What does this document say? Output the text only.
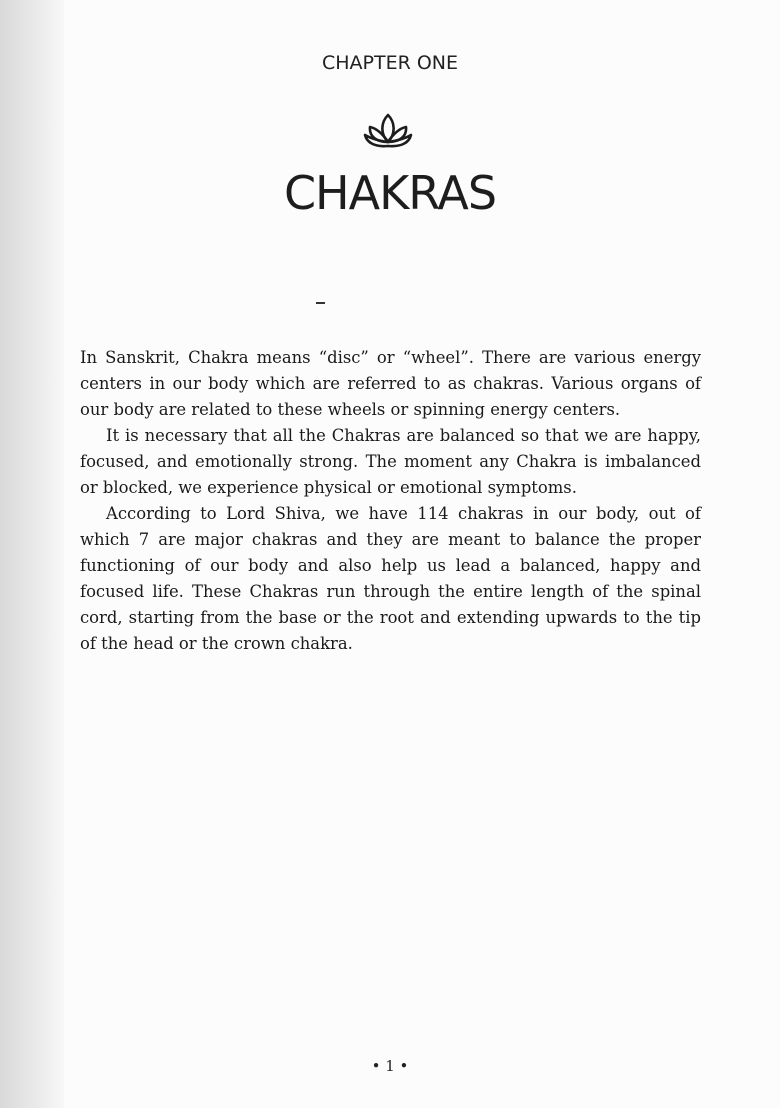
CHAPTER ONE
CHAKRAS

In Sanskrit, Chakra means “disc” or “wheel”. There are various energy centers in our body which are referred to as chakras. Various organs of our body are related to these wheels or spinning energy centers.

It is necessary that all the Chakras are balanced so that we are happy, focused, and emotionally strong. The moment any Chakra is imbalanced or blocked, we experience physical or emotional symptoms.

According to Lord Shiva, we have 114 chakras in our body, out of which 7 are major chakras and they are meant to balance the proper functioning of our body and also help us lead a balanced, happy and focused life. These Chakras run through the entire length of the spinal cord, starting from the base or the root and extending upwards to the tip of the head or the crown chakra.

• 1 •
